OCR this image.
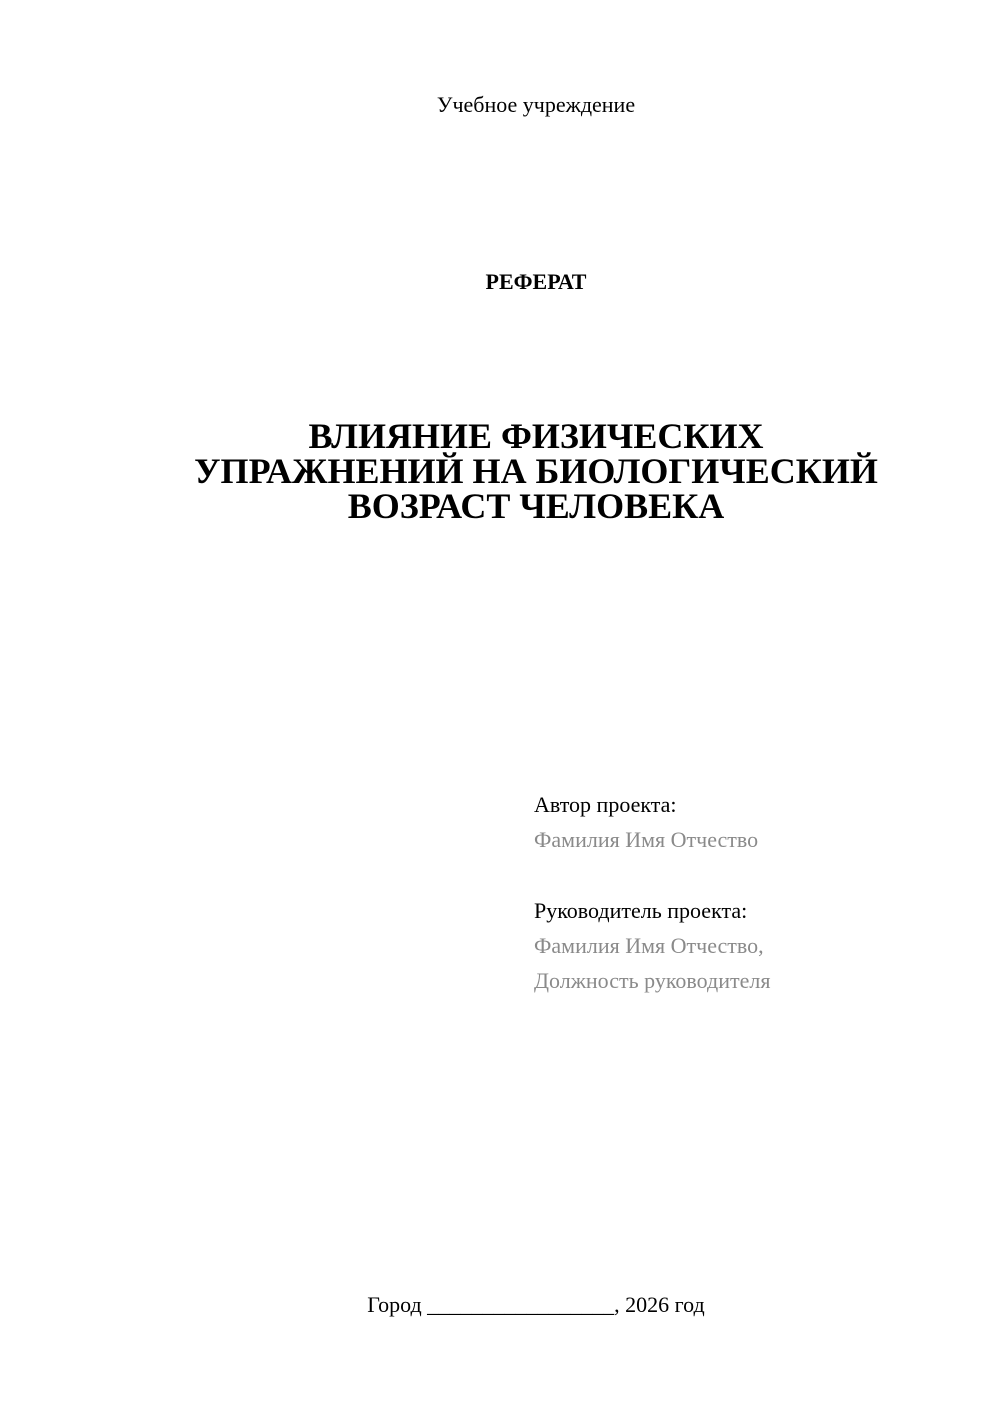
Учебное учреждение
РЕФЕРАТ
ВЛИЯНИЕ ФИЗИЧЕСКИХ
УПРАЖНЕНИЙ НА БИОЛОГИЧЕСКИЙ
ВОЗРАСТ ЧЕЛОВЕКА
Автор проекта:
Фамилия Имя Отчество
Руководитель проекта:
Фамилия Имя Отчество,
Должность руководителя
Город _________________, 2026 год
